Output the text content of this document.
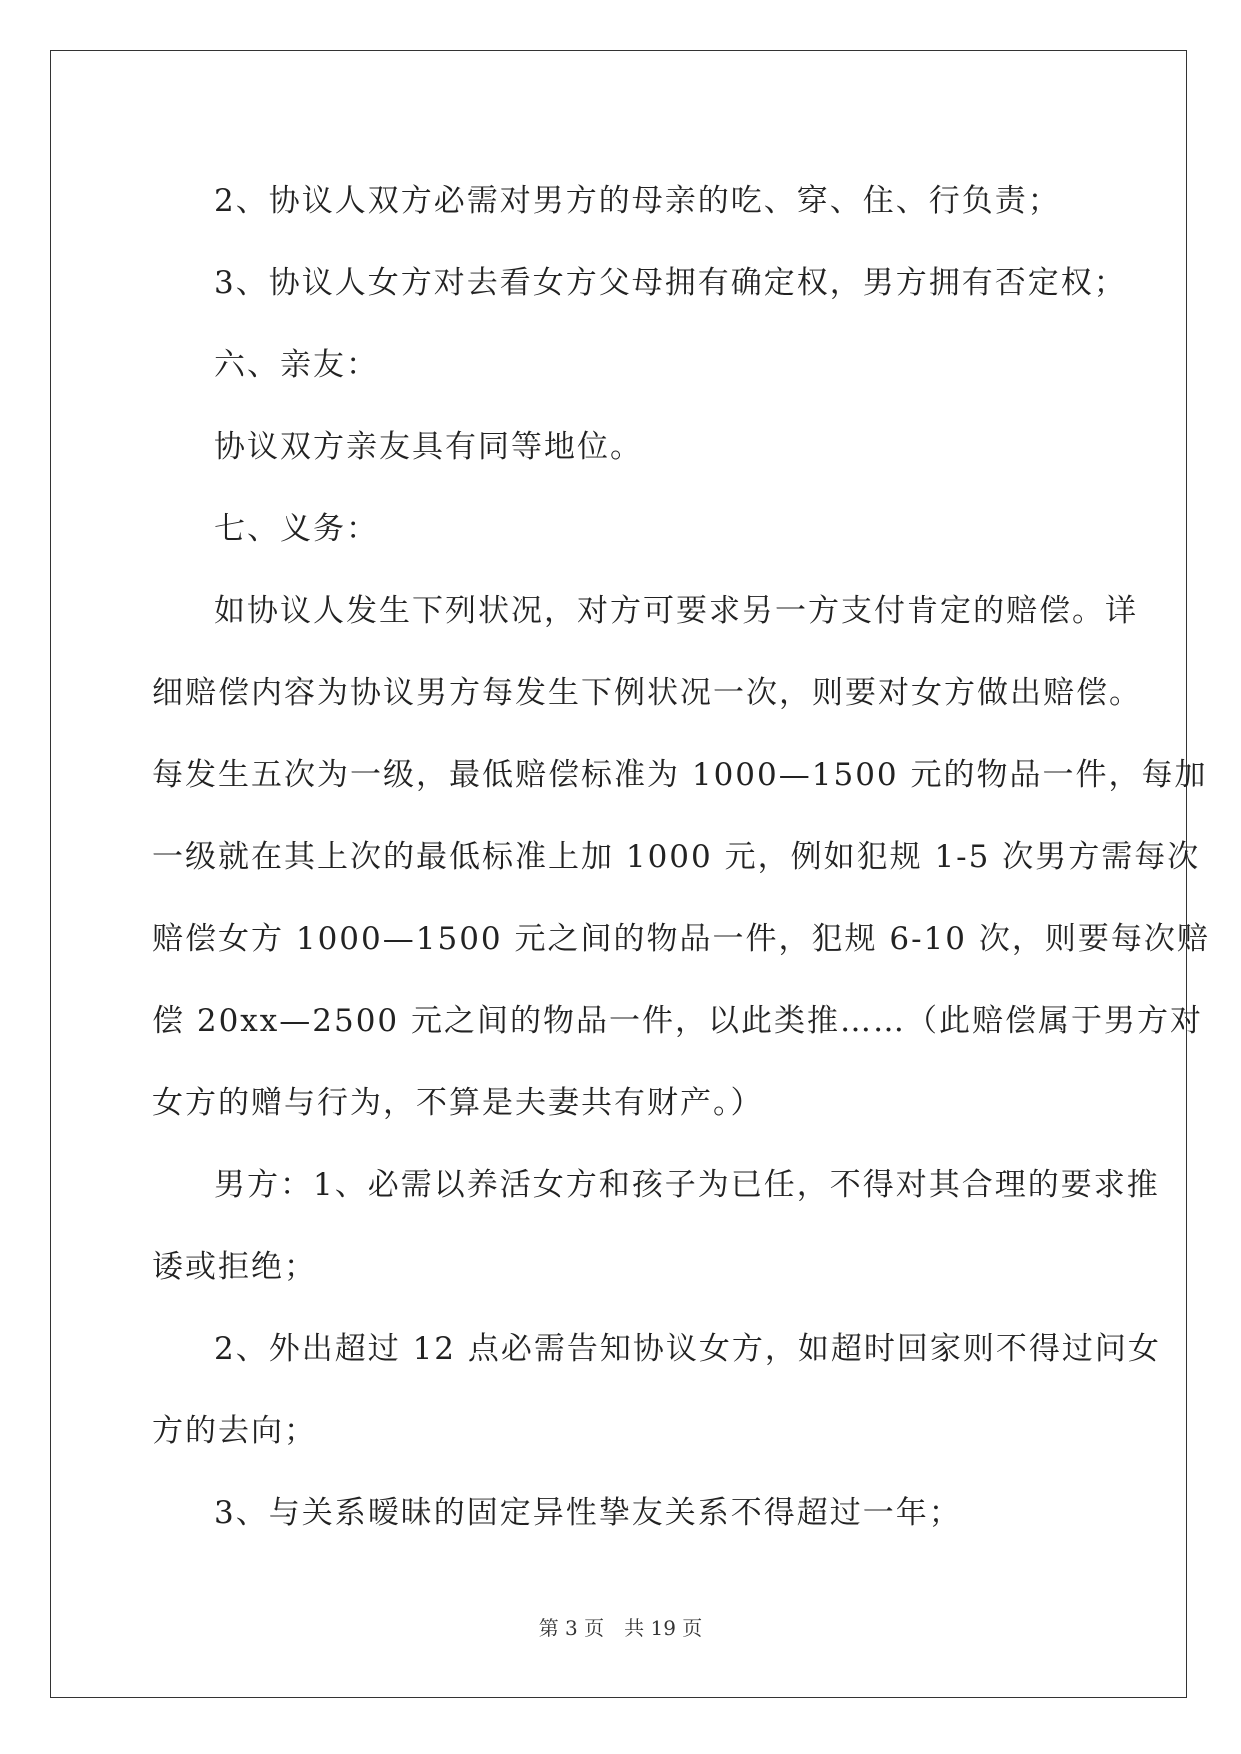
2、协议人双方必需对男方的母亲的吃、穿、住、行负责；

3、协议人女方对去看女方父母拥有确定权，男方拥有否定权；

六、亲友：

协议双方亲友具有同等地位。

七、义务：

如协议人发生下列状况，对方可要求另一方支付肯定的赔偿。详
细赔偿内容为协议男方每发生下例状况一次，则要对女方做出赔偿。
每发生五次为一级，最低赔偿标准为 1000—1500 元的物品一件，每加
一级就在其上次的最低标准上加 1000 元，例如犯规 1-5 次男方需每次
赔偿女方 1000—1500 元之间的物品一件，犯规 6-10 次，则要每次赔
偿 20xx—2500 元之间的物品一件，以此类推……（此赔偿属于男方对
女方的赠与行为，不算是夫妻共有财产。）

男方：1、必需以养活女方和孩子为已任，不得对其合理的要求推
诿或拒绝；

2、外出超过 12 点必需告知协议女方，如超时回家则不得过问女
方的去向；

3、与关系暧昧的固定异性挚友关系不得超过一年；

第 3 页　共 19 页
